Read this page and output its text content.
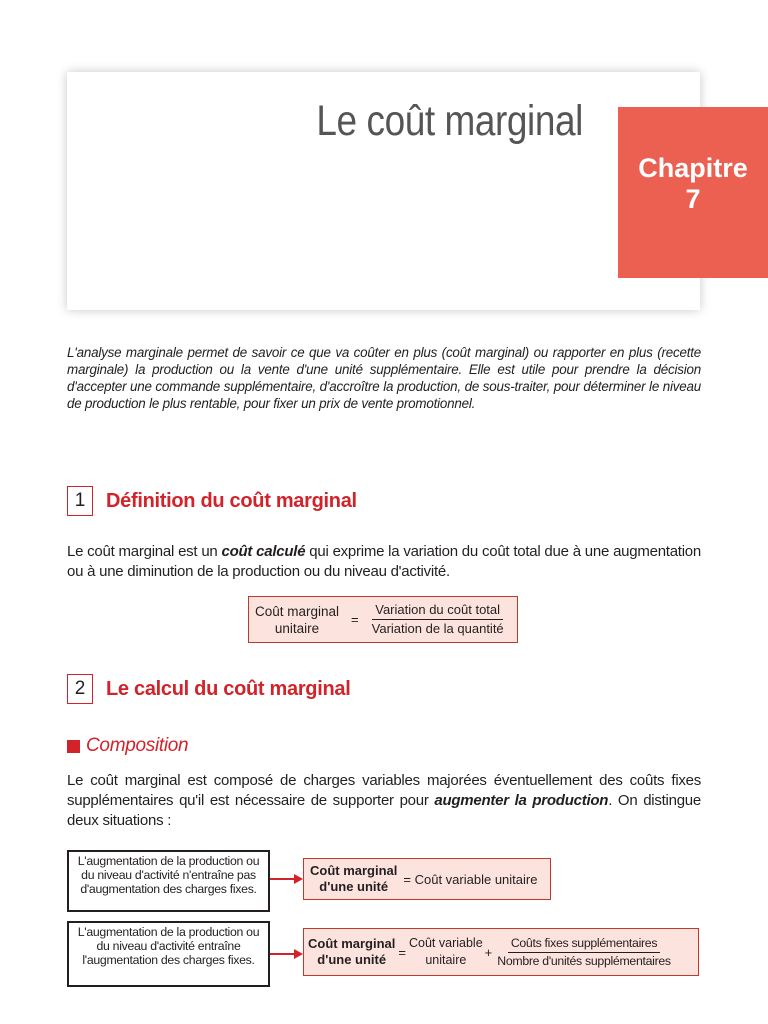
Le coût marginal
Chapitre
7

L'analyse marginale permet de savoir ce que va coûter en plus (coût marginal) ou rapporter en plus (recette marginale) la production ou la vente d'une unité supplémentaire. Elle est utile pour prendre la décision d'accepter une commande supplémentaire, d'accroître la production, de sous-traiter, pour déterminer le niveau de production le plus rentable, pour fixer un prix de vente promotionnel.

1	Définition du coût marginal

Le coût marginal est un coût calculé qui exprime la variation du coût total due à une augmentation ou à une diminution de la production ou du niveau d'activité.

Coût marginal
unitaire
= $\frac{\text{Variation du coût total}}{\text{Variation de la quantité}}$
2	Le calcul du coût marginal
Composition

Le coût marginal est composé de charges variables majorées éventuellement des coûts fixes supplémentaires qu'il est nécessaire de supporter pour augmenter la production. On distingue deux situations :

L'augmentation de la production ou du niveau d'activité n'entraîne pas d'augmentation des charges fixes.
Coût marginal
d'une unité	= Coût variable unitaire
L'augmentation de la production ou du niveau d'activité entraîne l'augmentation des charges fixes.
Coût marginal
d'une unité =
Coût variable
unitaire
+ $\frac{\text{Coûts fixes supplémentaires}}{\text{Nombre d'unités supplémentaires}}$
